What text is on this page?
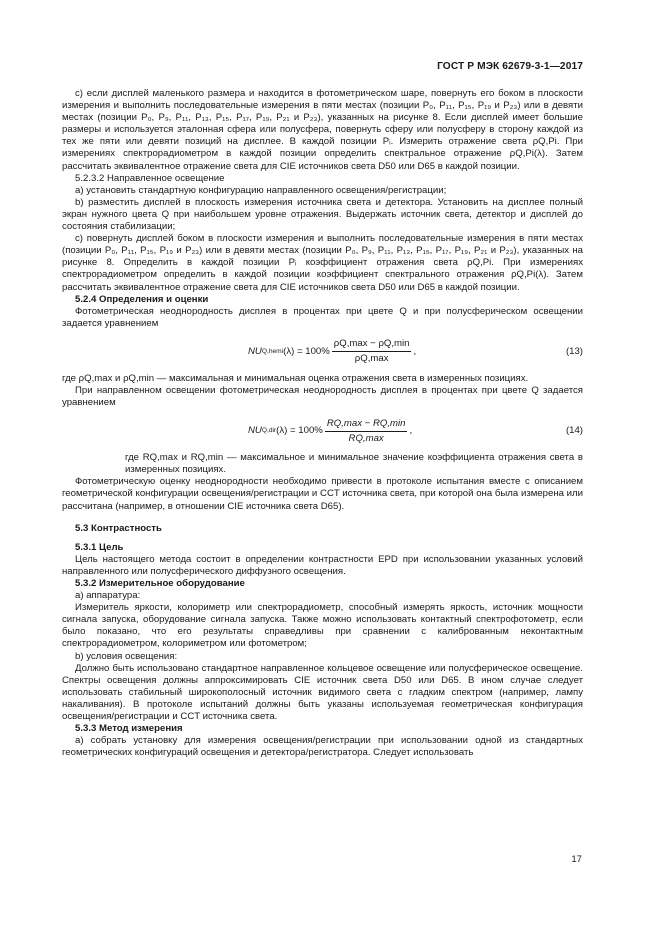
ГОСТ Р МЭК 62679-3-1—2017

с) если дисплей маленького размера и находится в фотометрическом шаре, повернуть его боком в плоскости измерения и выполнить последовательные измерения в пяти местах (позиции P₀, P₁₁, P₁₅, P₁₉ и P₂₃) или в девяти местах (позиции P₀, P₉, P₁₁, P₁₃, P₁₅, P₁₇, P₁₉, P₂₁ и P₂₃), указанных на рисунке 8. Если дисплей имеет большие размеры и используется эталонная сфера или полусфера, повернуть сферу или полусферу в сторону каждой из тех же пяти или девяти позиций на дисплее. В каждой позиции Pᵢ. Измерить отражение света ρQ,Pi. При измерениях спектрорадиометром в каждой позиции определить спектральное отражение ρQ,Pi(λ). Затем рассчитать эквивалентное отражение света для CIE источников света D50 или D65 в каждой позиции.

5.2.3.2 Направленное освещение

a) установить стандартную конфигурацию направленного освещения/регистрации;

b) разместить дисплей в плоскость измерения источника света и детектора. Установить на дисплее полный экран нужного цвета Q при наибольшем уровне отражения. Выдержать источник света, детектор и дисплей до состояния стабилизации;

с) повернуть дисплей боком в плоскости измерения и выполнить последовательные измерения в пяти местах (позиции P₀, P₁₁, P₁₅, P₁₉ и P₂₃) или в девяти местах (позиции P₀, P₉, P₁₁, P₁₃, P₁₅, P₁₇, P₁₉, P₂₁ и P₂₃), указанных на рисунке 8. Определить в каждой позиции Pᵢ коэффициент отражения света ρQ,Pi. При измерениях спектрорадиометром определить в каждой позиции коэффициент спектрального отражения ρQ,Pi(λ). Затем рассчитать эквивалентное отражение света для CIE источников света D50 или D65 в каждой позиции.

5.2.4 Определения и оценки

Фотометрическая неоднородность дисплея в процентах при цвете Q и при полусферическом освещении задается уравнением

NU Q,hemi (λ)
= $100\% \frac{\rho Q,\max - \rho Q,\min}{\rho Q,\max}$ ,	(13)

где ρQ,max и ρQ,min — максимальная и минимальная оценка отражения света в измеренных позициях.

При направленном освещении фотометрическая неоднородность дисплея в процентах при цвете Q задается уравнением

NU Q,dir (λ)
= $100\% \frac{RQ,\max - RQ,\min}{RQ,\max}$ ,	(14)

где RQ,max и RQ,min — максимальное и минимальное значение коэффициента отражения света в измеренных позициях.

Фотометрическую оценку неоднородности необходимо привести в протоколе испытания вместе с описанием геометрической конфигурации освещения/регистрации и CCT источника света, при которой она была измерена или рассчитана (например, в отношении CIE источника света D65).

5.3 Контрастность

5.3.1 Цель

Цель настоящего метода состоит в определении контрастности EPD при использовании указанных условий направленного или полусферического диффузного освещения.

5.3.2 Измерительное оборудование

a) аппаратура:

Измеритель яркости, колориметр или спектрорадиометр, способный измерять яркость, источник мощности сигнала запуска, оборудование сигнала запуска. Также можно использовать контактный спектрофотометр, если было показано, что его результаты справедливы при сравнении с калиброванным неконтактным спектрорадиометром, колориметром или фотометром;

b) условия освещения:

Должно быть использовано стандартное направленное кольцевое освещение или полусферическое освещение. Спектры освещения должны аппроксимировать CIE источник света D50 или D65. В ином случае следует использовать стабильный широкополосный источник видимого света с гладким спектром (например, лампу накаливания). В протоколе испытаний должны быть указаны используемая геометрическая конфигурация освещения/регистрации и CCT источника света.

5.3.3 Метод измерения

a) собрать установку для измерения освещения/регистрации при использовании одной из стандартных геометрических конфигураций освещения и детектора/регистратора. Следует использовать

17
